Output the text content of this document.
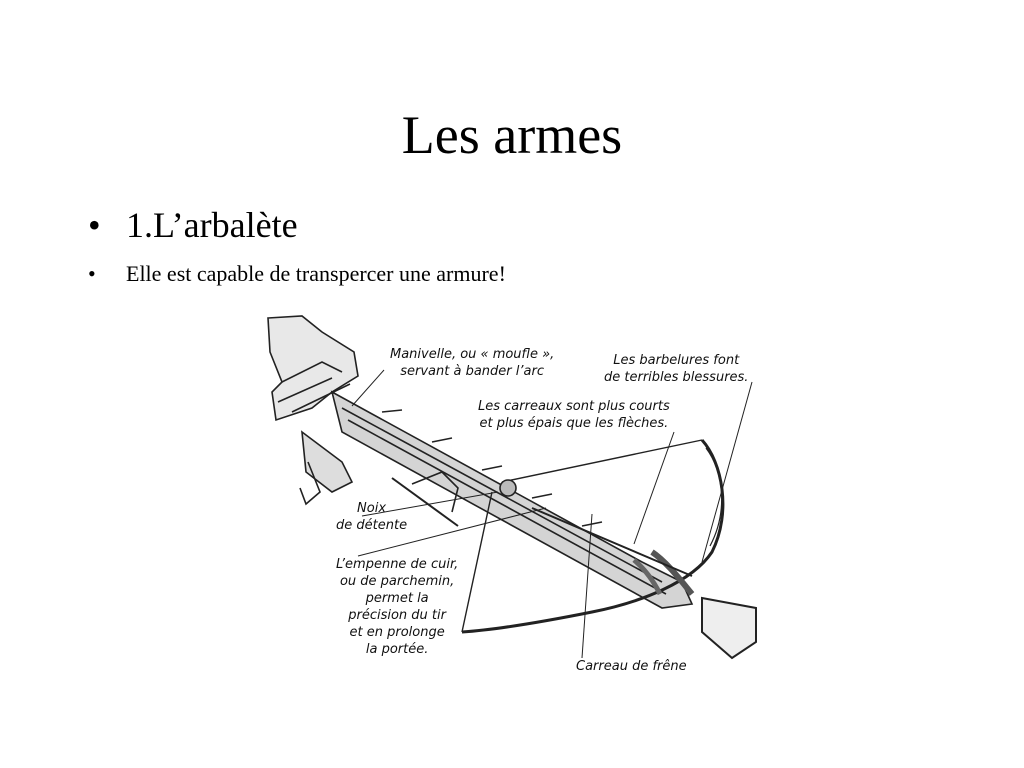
Les armes
• 1.L’arbalète
• Elle est capable de transpercer une armure!
Manivelle, ou « moufle »,
servant à bander l’arc
Les barbelures font
de terribles blessures.
Les carreaux sont plus courts
et plus épais que les flèches.
Noix
de détente
L’empenne de cuir,
ou de parchemin,
permet la
précision du tir
et en prolonge
la portée.
Carreau de frêne
